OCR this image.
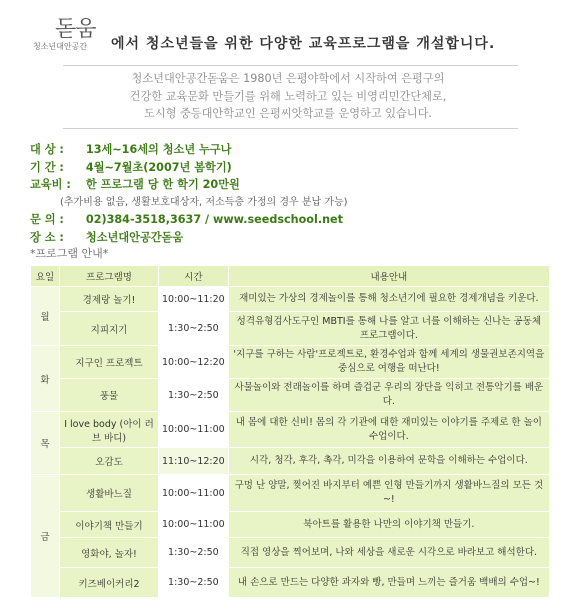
돋움
청소년대안공간 에서 청소년들을 위한 다양한 교육프로그램을 개설합니다.
청소년대안공간돋움은 1980년 은평야학에서 시작하여 은평구의
건강한 교육문화 만들기를 위해 노력하고 있는 비영리민간단체로,
도시형 중등대안학교인 은평씨앗학교를 운영하고 있습니다.
대 상 : 13세~16세의 청소년 누구나
기 간 : 4월~7월초(2007년 봄학기)
교육비 : 한 프로그램 당 한 학기 20만원
(추가비용 없음, 생활보호대상자, 저소득층 가정의 경우 분납 가능)
문 의 : 02)384-3518,3637 / www.seedschool.net
장 소 : 청소년대안공간돋움
*프로그램 안내*
요일	프로그램명	시간	내용안내
월	경제랑 놀기!	10:00~11:20	재미있는 가상의 경제놀이를 통해 청소년기에 필요한 경제개념을 키운다.
	지피지기	1:30~2:50	성격유형검사도구인 MBTI를 통해 나를 알고 너를 이해하는 신나는 공동체 프로그램이다.
화	지구인 프로젝트	10:00~12:20	'지구를 구하는 사람'프로젝트로, 환경수업과 함께 세계의 생물권보존지역을 중심으로 여행을 떠난다!
	풍물	1:30~2:50	사물놀이와 전래놀이를 하며 즐겁군 우리의 장단을 익히고 전통악기를 배운다.
목	I love body (아이 러브 바디)	10:00~11:00	내 몸에 대한 신비! 몸의 각 기관에 대한 재미있는 이야기를 주제로 한 놀이 수업이다.
	오감도	11:10~12:20	시각, 청각, 후각, 촉각, 미각을 이용하여 문학을 이해하는 수업이다.
금	생활바느질	10:00~11:00	구멍 난 양말, 찢어진 바지부터 예쁜 인형 만들기까지 생활바느질의 모든 것~!
	이야기책 만들기	10:00~11:00	북아트를 활용한 나만의 이야기책 만들기.
	영화야, 놀자!	1:30~2:50	직접 영상을 찍어보며, 나와 세상을 새로운 시각으로 바라보고 해석한다.
	키즈베이커리2	1:30~2:50	내 손으로 만드는 다양한 과자와 빵, 만들며 느끼는 즐거움 백배의 수업~!
